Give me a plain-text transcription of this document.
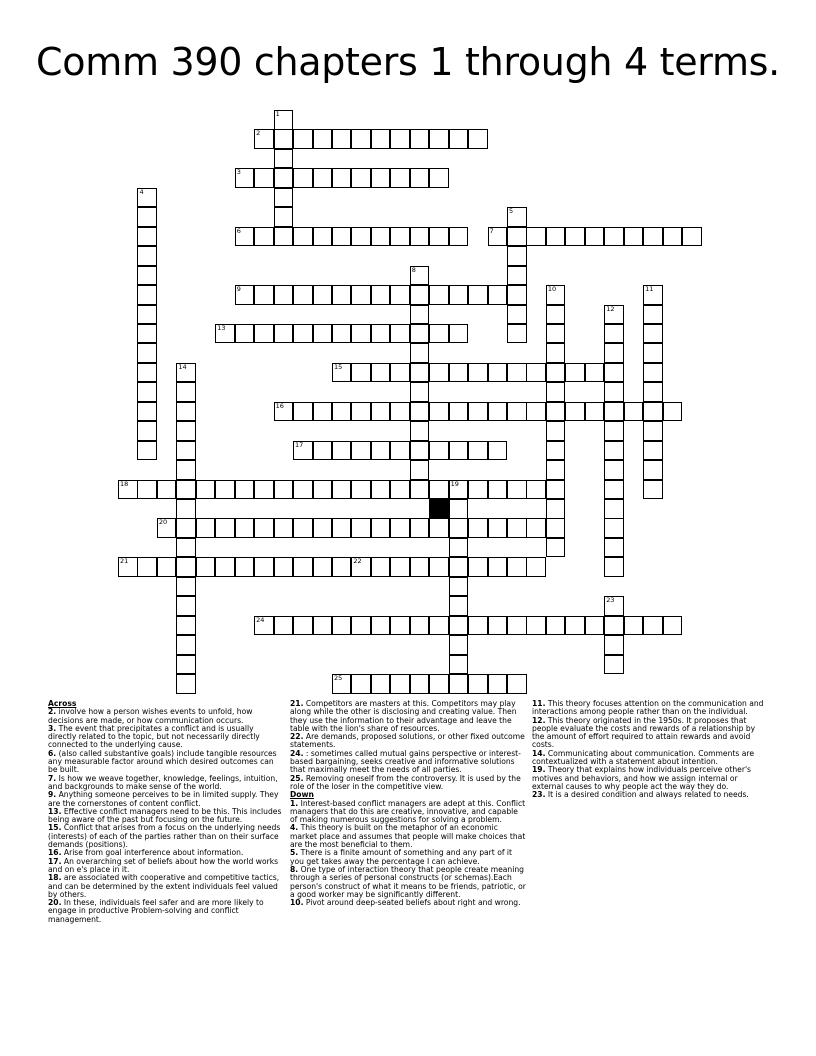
Comm 390 chapters 1 through 4 terms.
1
2
3
4
5
6	7
8
9	10	11
12
13
14	15
16
17
18	19
20
21	22
23
24
25
Across
2. involve how a person wishes events to unfold, how decisions are made, or how communication occurs.
3. The event that precipitates a conflict and is usually directly related to the topic, but not necessarily directly connected to the underlying cause.
6. (also called substantive goals) include tangible resources any measurable factor around which desired outcomes can be built.
7. Is how we weave together, knowledge, feelings, intuition, and backgrounds to make sense of the world.
9. Anything someone perceives to be in limited supply. They are the cornerstones of content conflict.
13. Effective conflict managers need to be this. This includes being aware of the past but focusing on the future.
15. Conflict that arises from a focus on the underlying needs (interests) of each of the parties rather than on their surface demands (positions).
16. Arise from goal interference about information.
17. An overarching set of beliefs about how the world works and on e's place in it.
18. are associated with cooperative and competitive tactics, and can be determined by the extent individuals feel valued by others.
20. In these, individuals feel safer and are more likely to engage in productive Problem-solving and conflict management.
21. Competitors are masters at this. Competitors may play along while the other is disclosing and creating value. Then they use the information to their advantage and leave the table with the lion's share of resources.
22. Are demands, proposed solutions, or other fixed outcome statements.
24. : sometimes called mutual gains perspective or interest-based bargaining, seeks creative and informative solutions that maximally meet the needs of all parties.
25. Removing oneself from the controversy. It is used by the role of the loser in the competitive view.
Down
1. Interest-based conflict managers are adept at this. Conflict managers that do this are creative, innovative, and capable of making numerous suggestions for solving a problem.
4. This theory is built on the metaphor of an economic market place and assumes that people will make choices that are the most beneficial to them.
5. There is a finite amount of something and any part of it you get takes away the percentage I can achieve.
8. One type of interaction theory that people create meaning through a series of personal constructs (or schemas).Each person's construct of what it means to be friends, patriotic, or a good worker may be significantly different.
10. Pivot around deep-seated beliefs about right and wrong.
11. This theory focuses attention on the communication and interactions among people rather than on the individual.
12. This theory originated in the 1950s. It proposes that people evaluate the costs and rewards of a relationship by the amount of effort required to attain rewards and avoid costs.
14. Communicating about communication. Comments are contextualized with a statement about intention.
19. Theory that explains how individuals perceive other's motives and behaviors, and how we assign internal or external causes to why people act the way they do.
23. It is a desired condition and always related to needs.
